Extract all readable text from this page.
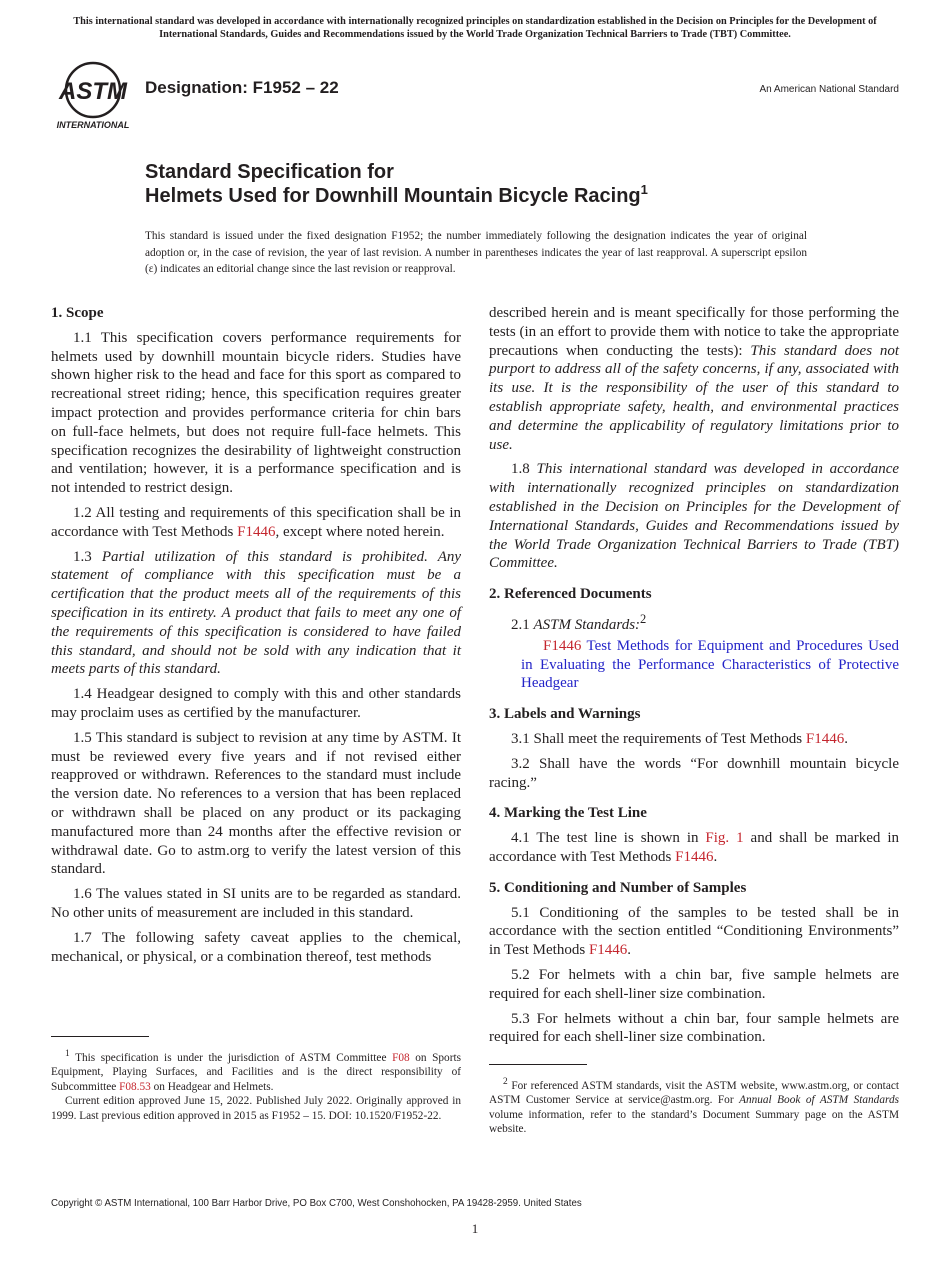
This international standard was developed in accordance with internationally recognized principles on standardization established in the Decision on Principles for the Development of International Standards, Guides and Recommendations issued by the World Trade Organization Technical Barriers to Trade (TBT) Committee.
ASTM
INTERNATIONAL
Designation: F1952 – 22	An American National Standard
Standard Specification for
Helmets Used for Downhill Mountain Bicycle Racing$^1$
This standard is issued under the fixed designation F1952; the number immediately following the designation indicates the year of original adoption or, in the case of revision, the year of last revision. A number in parentheses indicates the year of last reapproval. A superscript epsilon (ε) indicates an editorial change since the last revision or reapproval.
1. Scope

1.1 This specification covers performance requirements for helmets used by downhill mountain bicycle riders. Studies have shown higher risk to the head and face for this sport as compared to recreational street riding; hence, this specification requires greater impact protection and provides performance criteria for chin bars on full-face helmets, but does not require full-face helmets. This specification recognizes the desirability of lightweight construction and ventilation; however, it is a performance specification and is not intended to restrict design.

1.2 All testing and requirements of this specification shall be in accordance with Test Methods F1446, except where noted herein.

1.3 Partial utilization of this standard is prohibited. Any statement of compliance with this specification must be a certification that the product meets all of the requirements of this specification in its entirety. A product that fails to meet any one of the requirements of this specification is considered to have failed this standard, and should not be sold with any indication that it meets parts of this standard.

1.4 Headgear designed to comply with this and other standards may proclaim uses as certified by the manufacturer.

1.5 This standard is subject to revision at any time by ASTM. It must be reviewed every five years and if not revised either reapproved or withdrawn. References to the standard must include the version date. No references to a version that has been replaced or withdrawn shall be placed on any product or its packaging manufactured more than 24 months after the effective revision or withdrawal date. Go to astm.org to verify the latest version of this standard.

1.6 The values stated in SI units are to be regarded as standard. No other units of measurement are included in this standard.

1.7 The following safety caveat applies to the chemical, mechanical, or physical, or a combination thereof, test methods

$^1$ This specification is under the jurisdiction of ASTM Committee F08 on Sports Equipment, Playing Surfaces, and Facilities and is the direct responsibility of Subcommittee F08.53 on Headgear and Helmets.

Current edition approved June 15, 2022. Published July 2022. Originally approved in 1999. Last previous edition approved in 2015 as F1952 – 15. DOI: 10.1520/F1952-22.

described herein and is meant specifically for those performing the tests (in an effort to provide them with notice to take the appropriate precautions when conducting the tests): This standard does not purport to address all of the safety concerns, if any, associated with its use. It is the responsibility of the user of this standard to establish appropriate safety, health, and environmental practices and determine the applicability of regulatory limitations prior to use.

1.8 This international standard was developed in accordance with internationally recognized principles on standardization established in the Decision on Principles for the Development of International Standards, Guides and Recommendations issued by the World Trade Organization Technical Barriers to Trade (TBT) Committee.

2. Referenced Documents

2.1 ASTM Standards:$^2$

F1446 Test Methods for Equipment and Procedures Used in Evaluating the Performance Characteristics of Protective Headgear

3. Labels and Warnings

3.1 Shall meet the requirements of Test Methods F1446.

3.2 Shall have the words “For downhill mountain bicycle racing.”

4. Marking the Test Line

4.1 The test line is shown in Fig. 1 and shall be marked in accordance with Test Methods F1446.

5. Conditioning and Number of Samples

5.1 Conditioning of the samples to be tested shall be in accordance with the section entitled “Conditioning Environments” in Test Methods F1446.

5.2 For helmets with a chin bar, five sample helmets are required for each shell-liner size combination.

5.3 For helmets without a chin bar, four sample helmets are required for each shell-liner size combination.

$^2$ For referenced ASTM standards, visit the ASTM website, www.astm.org, or contact ASTM Customer Service at service@astm.org. For Annual Book of ASTM Standards volume information, refer to the standard’s Document Summary page on the ASTM website.

Copyright © ASTM International, 100 Barr Harbor Drive, PO Box C700, West Conshohocken, PA 19428-2959. United States
1
